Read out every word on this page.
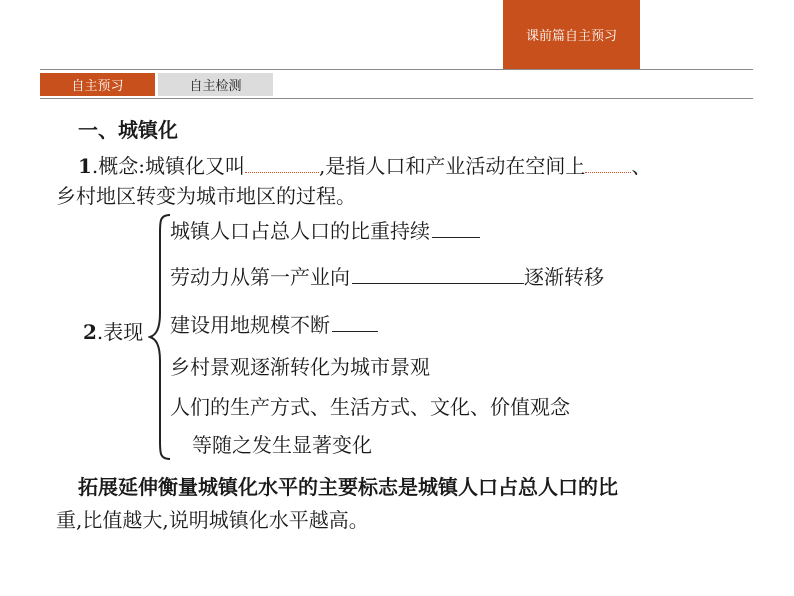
课前篇自主预习
自主预习	自主检测
一、城镇化
1.概念:城镇化又叫	,是指人口和产业活动在空间上 、
乡村地区转变为城市地区的过程。
2.表现
城镇人口占总人口的比重持续
劳动力从第一产业向	逐渐转移
建设用地规模不断
乡村景观逐渐转化为城市景观
人们的生产方式、生活方式、文化、价值观念
等随之发生显著变化
拓展延伸衡量城镇化水平的主要标志是城镇人口占总人口的比
重,比值越大,说明城镇化水平越高。
